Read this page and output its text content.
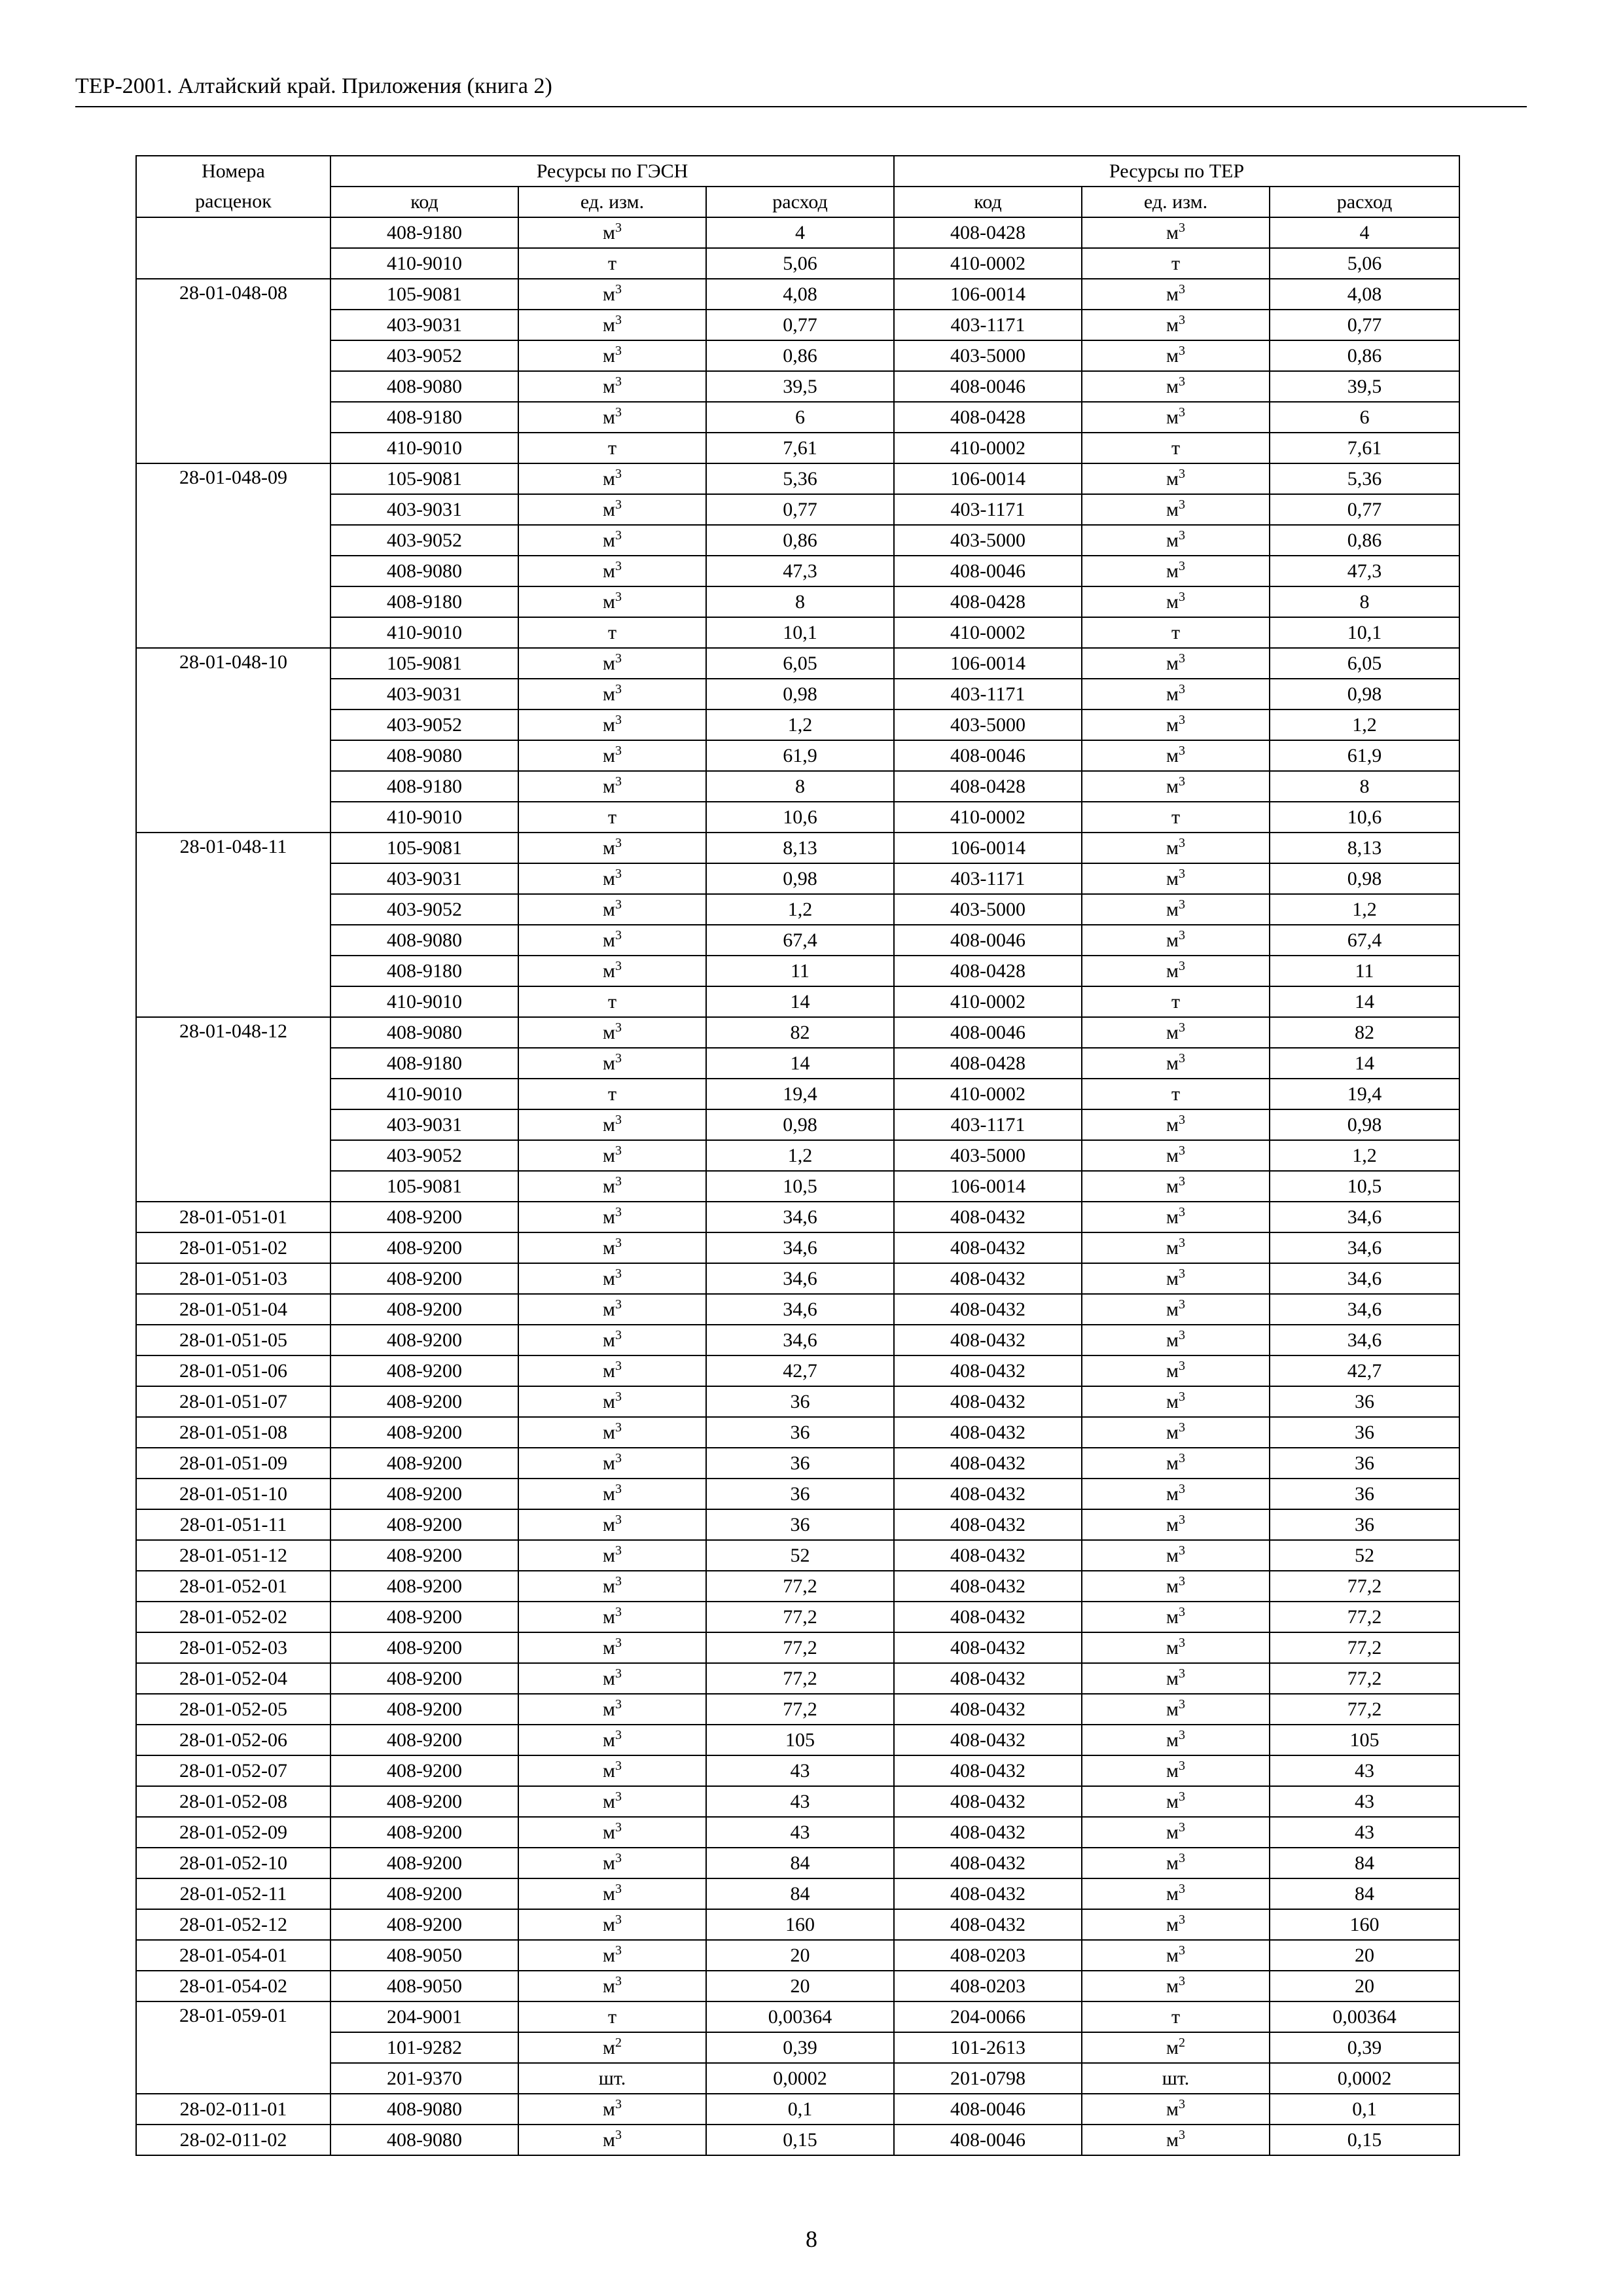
ТЕР-2001. Алтайский край. Приложения (книга 2)
Номера
расценок	Ресурсы по ГЭСН			Ресурсы по ТЕР		
	код	ед. изм.	расход	код	ед. изм.	расход
	408-9180	$м^3$	4	408-0428	$м^3$	4
	410-9010	т	5,06	410-0002	т	5,06
28-01-048-08	105-9081	$м^3$	4,08	106-0014	$м^3$	4,08
	403-9031	$м^3$	0,77	403-1171	$м^3$	0,77
	403-9052	$м^3$	0,86	403-5000	$м^3$	0,86
	408-9080	$м^3$	39,5	408-0046	$м^3$	39,5
	408-9180	$м^3$	6	408-0428	$м^3$	6
	410-9010	т	7,61	410-0002	т	7,61
28-01-048-09	105-9081	$м^3$	5,36	106-0014	$м^3$	5,36
	403-9031	$м^3$	0,77	403-1171	$м^3$	0,77
	403-9052	$м^3$	0,86	403-5000	$м^3$	0,86
	408-9080	$м^3$	47,3	408-0046	$м^3$	47,3
	408-9180	$м^3$	8	408-0428	$м^3$	8
	410-9010	т	10,1	410-0002	т	10,1
28-01-048-10	105-9081	$м^3$	6,05	106-0014	$м^3$	6,05
	403-9031	$м^3$	0,98	403-1171	$м^3$	0,98
	403-9052	$м^3$	1,2	403-5000	$м^3$	1,2
	408-9080	$м^3$	61,9	408-0046	$м^3$	61,9
	408-9180	$м^3$	8	408-0428	$м^3$	8
	410-9010	т	10,6	410-0002	т	10,6
28-01-048-11	105-9081	$м^3$	8,13	106-0014	$м^3$	8,13
	403-9031	$м^3$	0,98	403-1171	$м^3$	0,98
	403-9052	$м^3$	1,2	403-5000	$м^3$	1,2
	408-9080	$м^3$	67,4	408-0046	$м^3$	67,4
	408-9180	$м^3$	11	408-0428	$м^3$	11
	410-9010	т	14	410-0002	т	14
28-01-048-12	408-9080	$м^3$	82	408-0046	$м^3$	82
	408-9180	$м^3$	14	408-0428	$м^3$	14
	410-9010	т	19,4	410-0002	т	19,4
	403-9031	$м^3$	0,98	403-1171	$м^3$	0,98
	403-9052	$м^3$	1,2	403-5000	$м^3$	1,2
	105-9081	$м^3$	10,5	106-0014	$м^3$	10,5
28-01-051-01	408-9200	$м^3$	34,6	408-0432	$м^3$	34,6
28-01-051-02	408-9200	$м^3$	34,6	408-0432	$м^3$	34,6
28-01-051-03	408-9200	$м^3$	34,6	408-0432	$м^3$	34,6
28-01-051-04	408-9200	$м^3$	34,6	408-0432	$м^3$	34,6
28-01-051-05	408-9200	$м^3$	34,6	408-0432	$м^3$	34,6
28-01-051-06	408-9200	$м^3$	42,7	408-0432	$м^3$	42,7
28-01-051-07	408-9200	$м^3$	36	408-0432	$м^3$	36
28-01-051-08	408-9200	$м^3$	36	408-0432	$м^3$	36
28-01-051-09	408-9200	$м^3$	36	408-0432	$м^3$	36
28-01-051-10	408-9200	$м^3$	36	408-0432	$м^3$	36
28-01-051-11	408-9200	$м^3$	36	408-0432	$м^3$	36
28-01-051-12	408-9200	$м^3$	52	408-0432	$м^3$	52
28-01-052-01	408-9200	$м^3$	77,2	408-0432	$м^3$	77,2
28-01-052-02	408-9200	$м^3$	77,2	408-0432	$м^3$	77,2
28-01-052-03	408-9200	$м^3$	77,2	408-0432	$м^3$	77,2
28-01-052-04	408-9200	$м^3$	77,2	408-0432	$м^3$	77,2
28-01-052-05	408-9200	$м^3$	77,2	408-0432	$м^3$	77,2
28-01-052-06	408-9200	$м^3$	105	408-0432	$м^3$	105
28-01-052-07	408-9200	$м^3$	43	408-0432	$м^3$	43
28-01-052-08	408-9200	$м^3$	43	408-0432	$м^3$	43
28-01-052-09	408-9200	$м^3$	43	408-0432	$м^3$	43
28-01-052-10	408-9200	$м^3$	84	408-0432	$м^3$	84
28-01-052-11	408-9200	$м^3$	84	408-0432	$м^3$	84
28-01-052-12	408-9200	$м^3$	160	408-0432	$м^3$	160
28-01-054-01	408-9050	$м^3$	20	408-0203	$м^3$	20
28-01-054-02	408-9050	$м^3$	20	408-0203	$м^3$	20
28-01-059-01	204-9001	т	0,00364	204-0066	т	0,00364
	101-9282	$м^2$	0,39	101-2613	$м^2$	0,39
	201-9370	шт.	0,0002	201-0798	шт.	0,0002
28-02-011-01	408-9080	$м^3$	0,1	408-0046	$м^3$	0,1
28-02-011-02	408-9080	$м^3$	0,15	408-0046	$м^3$	0,15
8
